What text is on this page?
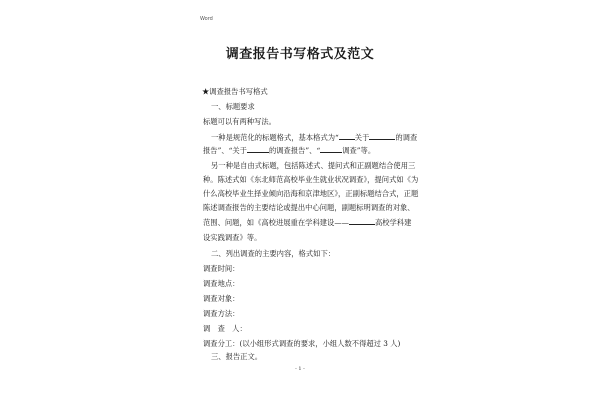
Word
调查报告书写格式及范文
★调查报告书写格式
一、标题要求
标题可以有两种写法。
一种是规范化的标题格式，基本格式为“ 关于	的调查
报告”、“关于	的调查报告”、“	调查”等。
另一种是自由式标题，包括陈述式、提问式和正副题结合使用三
种。陈述式如《东北师范高校毕业生就业状况调查》，提问式如《为
什么高校毕业生择业倾向沿海和京津地区》，正副标题结合式，正题
陈述调查报告的主要结论或提出中心问题，副题标明调查的对象、
范围、问题，如《高校进展重在学科建设——	高校学科建
设实践调查》等。
二、列出调查的主要内容，格式如下：
调查时间：
调查地点：
调查对象：
调查方法：
调　查　人：
调查分工：(以小组形式调查的要求，小组人数不得超过 3 人)
三、报告正文。
- 1 -
